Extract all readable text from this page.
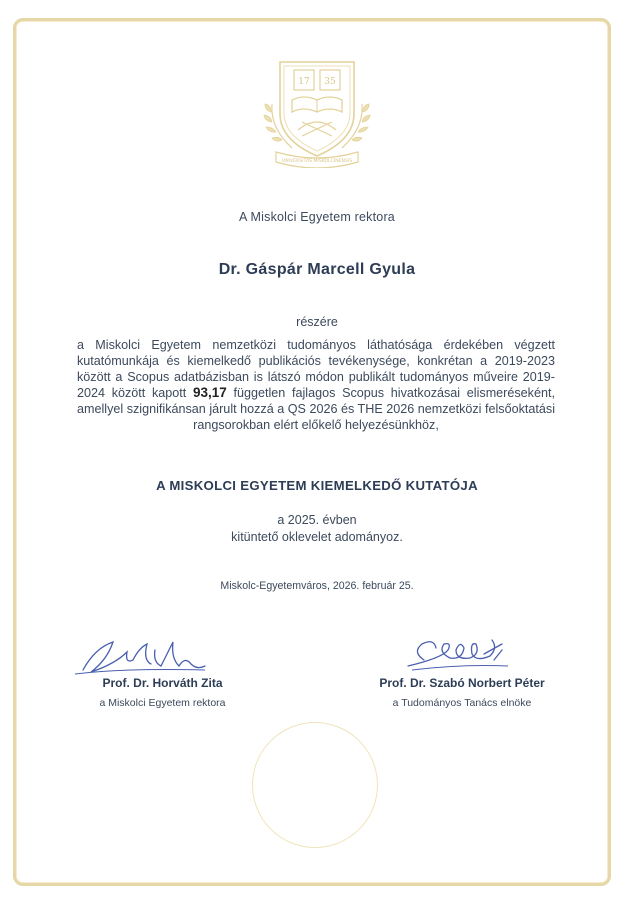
17 35
UNIVERSITAS MISKOLCINENSIS

A Miskolci Egyetem rektora

Dr. Gáspár Marcell Gyula

részére

a Miskolci Egyetem nemzetközi tudományos láthatósága érdekében végzett kutatómunkája és kiemelkedő publikációs tevékenysége, konkrétan a 2019-2023 között a Scopus adatbázisban is látszó módon publikált tudományos műveire 2019-2024 között kapott 93,17 független fajlagos Scopus hivatkozásai elismeréseként, amellyel szignifikánsan járult hozzá a QS 2026 és THE 2026 nemzetközi felsőoktatási rangsorokban elért előkelő helyezésünkhöz,

A MISKOLCI EGYETEM KIEMELKEDŐ KUTATÓJA

a 2025. évben

kitüntető oklevelet adományoz.

Miskolc-Egyetemváros, 2026. február 25.

Prof. Dr. Horváth Zita
a Miskolci Egyetem rektora
Prof. Dr. Szabó Norbert Péter
a Tudományos Tanács elnöke
